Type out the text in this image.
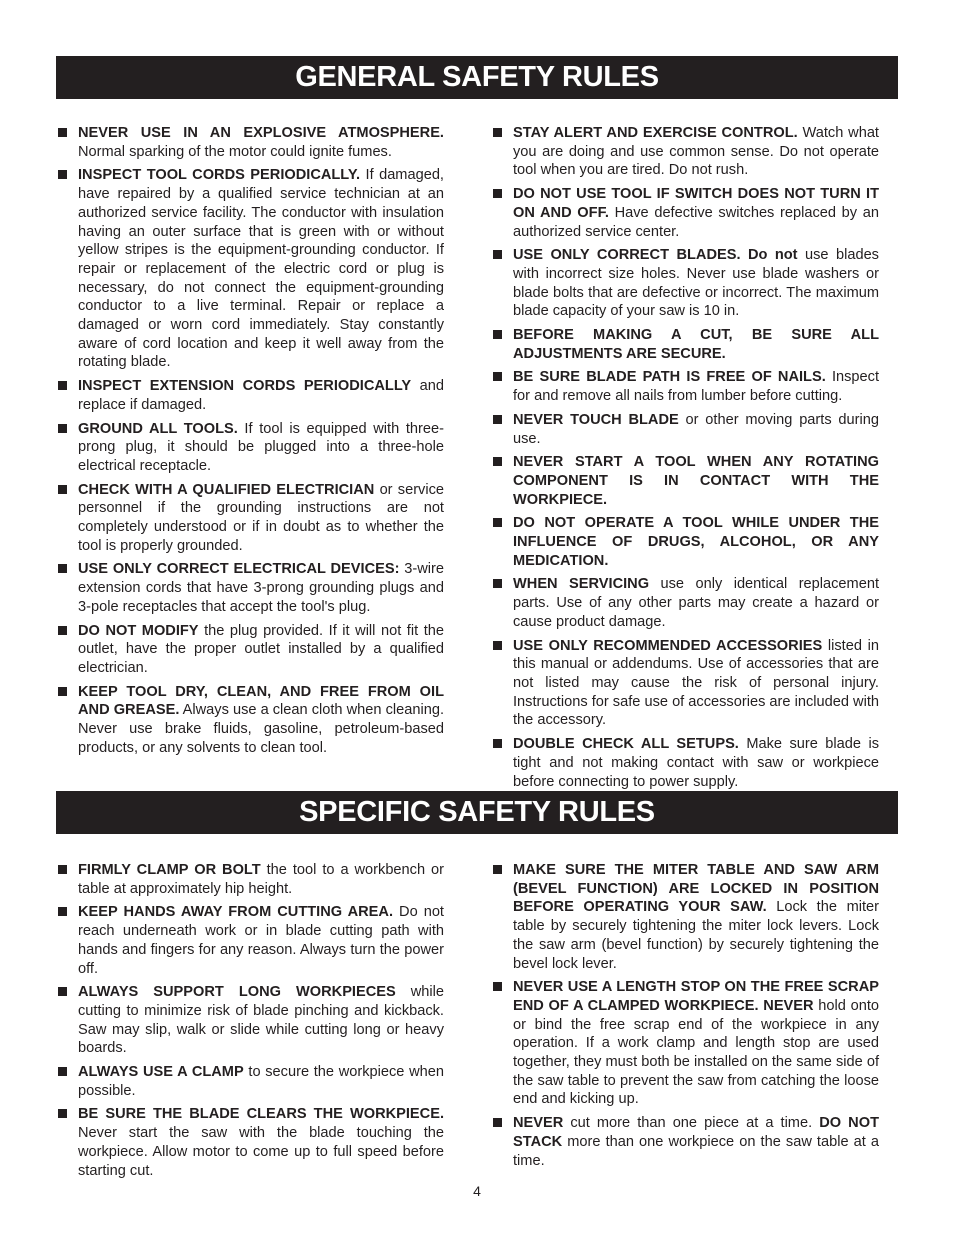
GENERAL SAFETY RULES
NEVER USE IN AN EXPLOSIVE ATMOSPHERE. Normal sparking of the motor could ignite fumes.
INSPECT TOOL CORDS PERIODICALLY. If damaged, have repaired by a qualified service technician at an authorized service facility. The conductor with insulation having an outer surface that is green with or without yellow stripes is the equipment-grounding conductor. If repair or replacement of the electric cord or plug is necessary, do not connect the equipment-grounding conductor to a live terminal. Repair or replace a damaged or worn cord immediately. Stay constantly aware of cord location and keep it well away from the rotating blade.
INSPECT EXTENSION CORDS PERIODICALLY and replace if damaged.
GROUND ALL TOOLS. If tool is equipped with three-prong plug, it should be plugged into a three-hole electrical receptacle.
CHECK WITH A QUALIFIED ELECTRICIAN or service personnel if the grounding instructions are not completely understood or if in doubt as to whether the tool is properly grounded.
USE ONLY CORRECT ELECTRICAL DEVICES: 3-wire extension cords that have 3-prong grounding plugs and 3-pole receptacles that accept the tool's plug.
DO NOT MODIFY the plug provided. If it will not fit the outlet, have the proper outlet installed by a qualified electrician.
KEEP TOOL DRY, CLEAN, AND FREE FROM OIL AND GREASE. Always use a clean cloth when cleaning. Never use brake fluids, gasoline, petroleum-based products, or any solvents to clean tool.
STAY ALERT AND EXERCISE CONTROL. Watch what you are doing and use common sense. Do not operate tool when you are tired. Do not rush.
DO NOT USE TOOL IF SWITCH DOES NOT TURN IT ON AND OFF. Have defective switches replaced by an authorized service center.
USE ONLY CORRECT BLADES. Do not use blades with incorrect size holes. Never use blade washers or blade bolts that are defective or incorrect. The maximum blade capacity of your saw is 10 in.
BEFORE MAKING A CUT, BE SURE ALL ADJUSTMENTS ARE SECURE.
BE SURE BLADE PATH IS FREE OF NAILS. Inspect for and remove all nails from lumber before cutting.
NEVER TOUCH BLADE or other moving parts during use.
NEVER START A TOOL WHEN ANY ROTATING COMPONENT IS IN CONTACT WITH THE WORKPIECE.
DO NOT OPERATE A TOOL WHILE UNDER THE INFLUENCE OF DRUGS, ALCOHOL, OR ANY MEDICATION.
WHEN SERVICING use only identical replacement parts. Use of any other parts may create a hazard or cause product damage.
USE ONLY RECOMMENDED ACCESSORIES listed in this manual or addendums. Use of accessories that are not listed may cause the risk of personal injury. Instructions for safe use of accessories are included with the accessory.
DOUBLE CHECK ALL SETUPS. Make sure blade is tight and not making contact with saw or workpiece before connecting to power supply.
SPECIFIC SAFETY RULES
FIRMLY CLAMP OR BOLT the tool to a workbench or table at approximately hip height.
KEEP HANDS AWAY FROM CUTTING AREA. Do not reach underneath work or in blade cutting path with hands and fingers for any reason. Always turn the power off.
ALWAYS SUPPORT LONG WORKPIECES while cutting to minimize risk of blade pinching and kickback. Saw may slip, walk or slide while cutting long or heavy boards.
ALWAYS USE A CLAMP to secure the workpiece when possible.
BE SURE THE BLADE CLEARS THE WORKPIECE. Never start the saw with the blade touching the workpiece. Allow motor to come up to full speed before starting cut.
MAKE SURE THE MITER TABLE AND SAW ARM (BEVEL FUNCTION) ARE LOCKED IN POSITION BEFORE OPERATING YOUR SAW. Lock the miter table by securely tightening the miter lock levers. Lock the saw arm (bevel function) by securely tightening the bevel lock lever.
NEVER USE A LENGTH STOP ON THE FREE SCRAP END OF A CLAMPED WORKPIECE. NEVER hold onto or bind the free scrap end of the workpiece in any operation. If a work clamp and length stop are used together, they must both be installed on the same side of the saw table to prevent the saw from catching the loose end and kicking up.
NEVER cut more than one piece at a time. DO NOT STACK more than one workpiece on the saw table at a time.
4
